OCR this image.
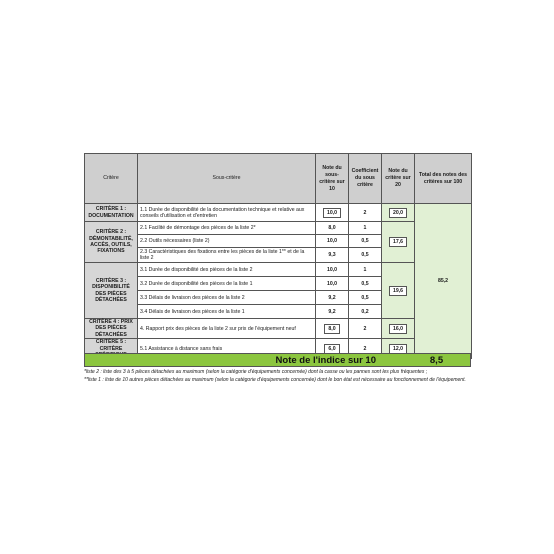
Critère	Sous-critère	Note du sous-critère sur 10	Coefficient du sous critère	Note du critère sur 20	Total des notes des critères sur 100
CRITÈRE 1 : DOCUMENTATION	1.1 Durée de disponibilité de la documentation technique et relative aux conseils d'utilisation et d'entretien	10,0	2	20,0	85,2
CRITÈRE 2 : DÉMONTABILITÉ, ACCÈS, OUTILS, FIXATIONS	2.1 Facilité de démontage des pièces de la liste 2*	8,0	1	17,6	
	2.2 Outils nécessaires (liste 2)	10,0	0,5		
	2.3 Caractéristiques des fixations entre les pièces de la liste 1** et de la liste 2	9,3	0,5		
CRITÈRE 3 : DISPONIBILITÉ DES PIÈCES DÉTACHÉES	3.1 Durée de disponibilité des pièces de la liste 2	10,0	1	19,6	
	3.2 Durée de disponibilité des pièces de la liste 1	10,0	0,5		
	3.3 Délais de livraison des pièces de la liste 2	9,2	0,5		
	3.4 Délais de livraison des pièces de la liste 1	9,2	0,2		
CRITÈRE 4 : PRIX DES PIÈCES DÉTACHÉES	4. Rapport prix des pièces de la liste 2 sur prix de l'équipement neuf	8,0	2	16,0	
CRITÈRE 5 : CRITÈRE	5.1 Assistance à distance sans frais	6,0	2	12,0	
Note de l'indice sur 10	8,5
*liste 2 : liste des 3 à 5 pièces détachées au maximum (selon la catégorie d'équipements concernée) dont la casse ou les pannes sont les plus fréquentes ;
**liste 1 : liste de 10 autres pièces détachées au maximum (selon la catégorie d'équipements concernée) dont le bon état est nécessaire au fonctionnement de l'équipement.
